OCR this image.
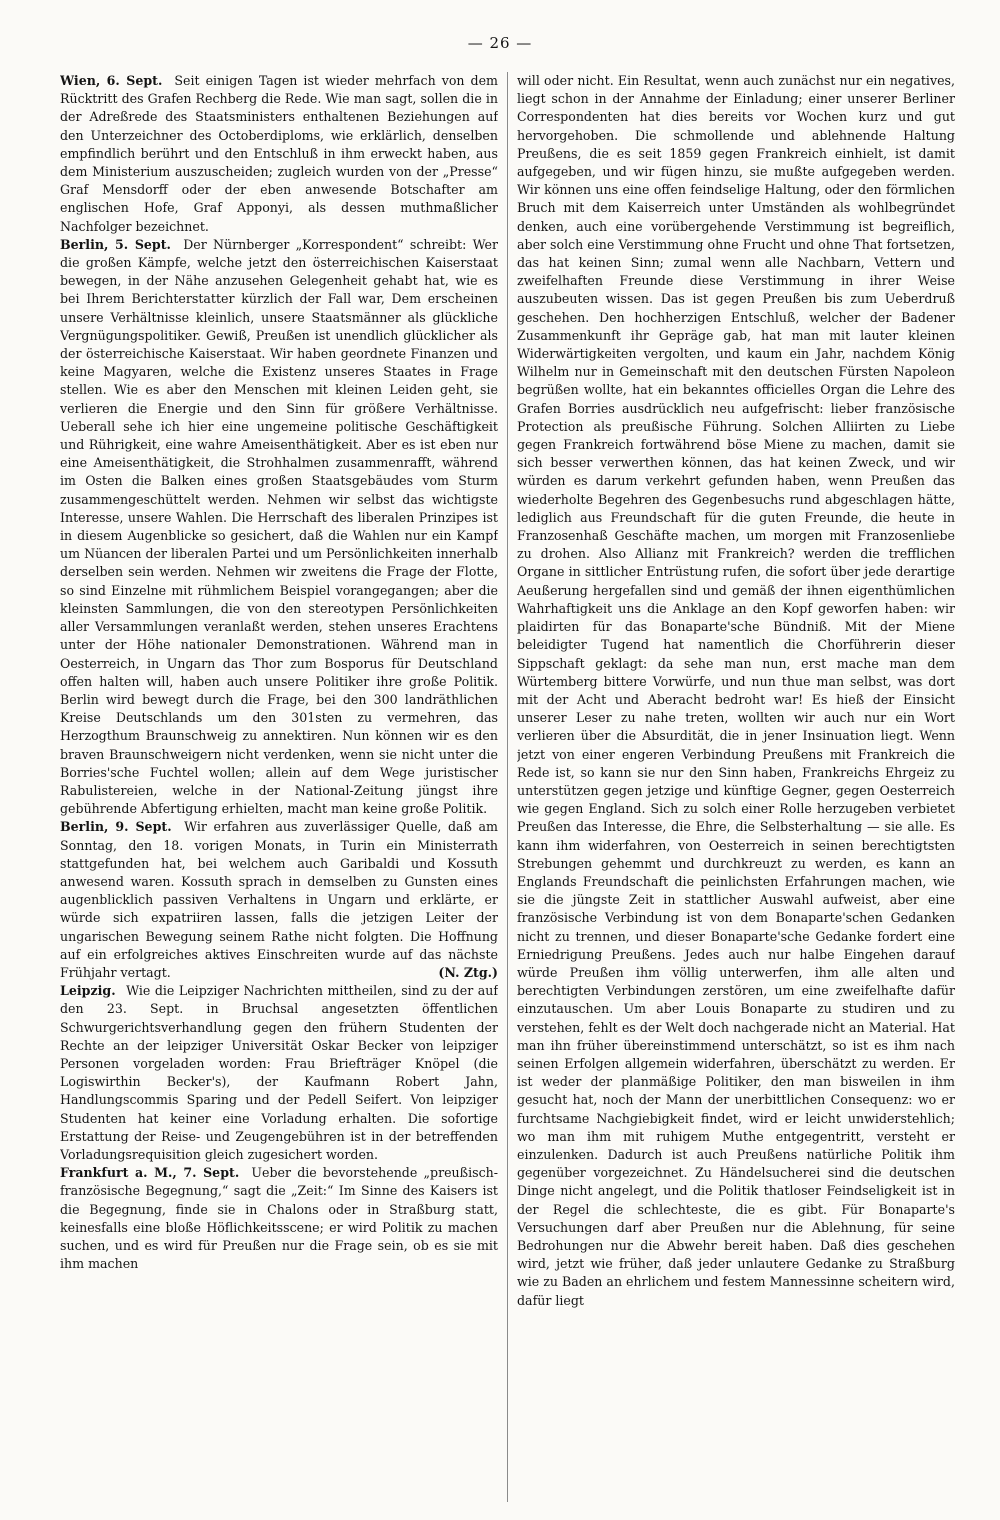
— 26 —

Wien, 6. Sept. Seit einigen Tagen ist wieder mehrfach von dem Rücktritt des Grafen Rechberg die Rede. Wie man sagt, sollen die in der Adreßrede des Staatsministers enthaltenen Beziehungen auf den Unterzeichner des Octoberdiploms, wie erklärlich, denselben empfindlich berührt und den Entschluß in ihm erweckt haben, aus dem Ministerium auszuscheiden; zugleich wurden von der „Presse“ Graf Mensdorff oder der eben anwesende Botschafter am englischen Hofe, Graf Apponyi, als dessen muthmaßlicher Nachfolger bezeichnet.

Berlin, 5. Sept. Der Nürnberger „Korrespondent“ schreibt: Wer die großen Kämpfe, welche jetzt den österreichischen Kaiserstaat bewegen, in der Nähe anzusehen Gelegenheit gehabt hat, wie es bei Ihrem Berichterstatter kürzlich der Fall war, Dem erscheinen unsere Verhältnisse kleinlich, unsere Staatsmänner als glückliche Vergnügungspolitiker. Gewiß, Preußen ist unendlich glücklicher als der österreichische Kaiserstaat. Wir haben geordnete Finanzen und keine Magyaren, welche die Existenz unseres Staates in Frage stellen. Wie es aber den Menschen mit kleinen Leiden geht, sie verlieren die Energie und den Sinn für größere Verhältnisse. Ueberall sehe ich hier eine ungemeine politische Geschäftigkeit und Rührigkeit, eine wahre Ameisenthätigkeit. Aber es ist eben nur eine Ameisenthätigkeit, die Strohhalmen zusammenrafft, während im Osten die Balken eines großen Staatsgebäudes vom Sturm zusammengeschüttelt werden. Nehmen wir selbst das wichtigste Interesse, unsere Wahlen. Die Herrschaft des liberalen Prinzipes ist in diesem Augenblicke so gesichert, daß die Wahlen nur ein Kampf um Nüancen der liberalen Partei und um Persönlichkeiten innerhalb derselben sein werden. Nehmen wir zweitens die Frage der Flotte, so sind Einzelne mit rühmlichem Beispiel vorangegangen; aber die kleinsten Sammlungen, die von den stereotypen Persönlichkeiten aller Versammlungen veranlaßt werden, stehen unseres Erachtens unter der Höhe nationaler Demonstrationen. Während man in Oesterreich, in Ungarn das Thor zum Bosporus für Deutschland offen halten will, haben auch unsere Politiker ihre große Politik. Berlin wird bewegt durch die Frage, bei den 300 landräthlichen Kreise Deutschlands um den 301sten zu vermehren, das Herzogthum Braunschweig zu annektiren. Nun können wir es den braven Braunschweigern nicht verdenken, wenn sie nicht unter die Borries'sche Fuchtel wollen; allein auf dem Wege juristischer Rabulistereien, welche in der National-Zeitung jüngst ihre gebührende Abfertigung erhielten, macht man keine große Politik.

Berlin, 9. Sept. Wir erfahren aus zuverlässiger Quelle, daß am Sonntag, den 18. vorigen Monats, in Turin ein Ministerrath stattgefunden hat, bei welchem auch Garibaldi und Kossuth anwesend waren. Kossuth sprach in demselben zu Gunsten eines augenblicklich passiven Verhaltens in Ungarn und erklärte, er würde sich expatriiren lassen, falls die jetzigen Leiter der ungarischen Bewegung seinem Rathe nicht folgten. Die Hoffnung auf ein erfolgreiches aktives Einschreiten wurde auf das nächste Frühjahr vertagt.	(N. Ztg.)

Leipzig. Wie die Leipziger Nachrichten mittheilen, sind zu der auf den 23. Sept. in Bruchsal angesetzten öffentlichen Schwurgerichtsverhandlung gegen den frühern Studenten der Rechte an der leipziger Universität Oskar Becker von leipziger Personen vorgeladen worden: Frau Briefträger Knöpel (die Logiswirthin Becker's), der Kaufmann Robert Jahn, Handlungscommis Sparing und der Pedell Seifert. Von leipziger Studenten hat keiner eine Vorladung erhalten. Die sofortige Erstattung der Reise- und Zeugengebühren ist in der betreffenden Vorladungsrequisition gleich zugesichert worden.

Frankfurt a. M., 7. Sept. Ueber die bevorstehende „preußisch-französische Begegnung,“ sagt die „Zeit:“ Im Sinne des Kaisers ist die Begegnung, finde sie in Chalons oder in Straßburg statt, keinesfalls eine bloße Höflichkeitsscene; er wird Politik zu machen suchen, und es wird für Preußen nur die Frage sein, ob es sie mit ihm machen

will oder nicht. Ein Resultat, wenn auch zunächst nur ein negatives, liegt schon in der Annahme der Einladung; einer unserer Berliner Correspondenten hat dies bereits vor Wochen kurz und gut hervorgehoben. Die schmollende und ablehnende Haltung Preußens, die es seit 1859 gegen Frankreich einhielt, ist damit aufgegeben, und wir fügen hinzu, sie mußte aufgegeben werden. Wir können uns eine offen feindselige Haltung, oder den förmlichen Bruch mit dem Kaiserreich unter Umständen als wohlbegründet denken, auch eine vorübergehende Verstimmung ist begreiflich, aber solch eine Verstimmung ohne Frucht und ohne That fortsetzen, das hat keinen Sinn; zumal wenn alle Nachbarn, Vettern und zweifelhaften Freunde diese Verstimmung in ihrer Weise auszubeuten wissen. Das ist gegen Preußen bis zum Ueberdruß geschehen. Den hochherzigen Entschluß, welcher der Badener Zusammenkunft ihr Gepräge gab, hat man mit lauter kleinen Widerwärtigkeiten vergolten, und kaum ein Jahr, nachdem König Wilhelm nur in Gemeinschaft mit den deutschen Fürsten Napoleon begrüßen wollte, hat ein bekanntes officielles Organ die Lehre des Grafen Borries ausdrücklich neu aufgefrischt: lieber französische Protection als preußische Führung. Solchen Alliirten zu Liebe gegen Frankreich fortwährend böse Miene zu machen, damit sie sich besser verwerthen können, das hat keinen Zweck, und wir würden es darum verkehrt gefunden haben, wenn Preußen das wiederholte Begehren des Gegenbesuchs rund abgeschlagen hätte, lediglich aus Freundschaft für die guten Freunde, die heute in Franzosenhaß Geschäfte machen, um morgen mit Franzosenliebe zu drohen. Also Allianz mit Frankreich? werden die trefflichen Organe in sittlicher Entrüstung rufen, die sofort über jede derartige Aeußerung hergefallen sind und gemäß der ihnen eigenthümlichen Wahrhaftigkeit uns die Anklage an den Kopf geworfen haben: wir plaidirten für das Bonaparte'sche Bündniß. Mit der Miene beleidigter Tugend hat namentlich die Chorführerin dieser Sippschaft geklagt: da sehe man nun, erst mache man dem Würtemberg bittere Vorwürfe, und nun thue man selbst, was dort mit der Acht und Aberacht bedroht war! Es hieß der Einsicht unserer Leser zu nahe treten, wollten wir auch nur ein Wort verlieren über die Absurdität, die in jener Insinuation liegt. Wenn jetzt von einer engeren Verbindung Preußens mit Frankreich die Rede ist, so kann sie nur den Sinn haben, Frankreichs Ehrgeiz zu unterstützen gegen jetzige und künftige Gegner, gegen Oesterreich wie gegen England. Sich zu solch einer Rolle herzugeben verbietet Preußen das Interesse, die Ehre, die Selbsterhaltung — sie alle. Es kann ihm widerfahren, von Oesterreich in seinen berechtigtsten Strebungen gehemmt und durchkreuzt zu werden, es kann an Englands Freundschaft die peinlichsten Erfahrungen machen, wie sie die jüngste Zeit in stattlicher Auswahl aufweist, aber eine französische Verbindung ist von dem Bonaparte'schen Gedanken nicht zu trennen, und dieser Bonaparte'sche Gedanke fordert eine Erniedrigung Preußens. Jedes auch nur halbe Eingehen darauf würde Preußen ihm völlig unterwerfen, ihm alle alten und berechtigten Verbindungen zerstören, um eine zweifelhafte dafür einzutauschen. Um aber Louis Bonaparte zu studiren und zu verstehen, fehlt es der Welt doch nachgerade nicht an Material. Hat man ihn früher übereinstimmend unterschätzt, so ist es ihm nach seinen Erfolgen allgemein widerfahren, überschätzt zu werden. Er ist weder der planmäßige Politiker, den man bisweilen in ihm gesucht hat, noch der Mann der unerbittlichen Consequenz: wo er furchtsame Nachgiebigkeit findet, wird er leicht unwiderstehlich; wo man ihm mit ruhigem Muthe entgegentritt, versteht er einzulenken. Dadurch ist auch Preußens natürliche Politik ihm gegenüber vorgezeichnet. Zu Händelsucherei sind die deutschen Dinge nicht angelegt, und die Politik thatloser Feindseligkeit ist in der Regel die schlechteste, die es gibt. Für Bonaparte's Versuchungen darf aber Preußen nur die Ablehnung, für seine Bedrohungen nur die Abwehr bereit haben. Daß dies geschehen wird, jetzt wie früher, daß jeder unlautere Gedanke zu Straßburg wie zu Baden an ehrlichem und festem Mannessinne scheitern wird, dafür liegt
